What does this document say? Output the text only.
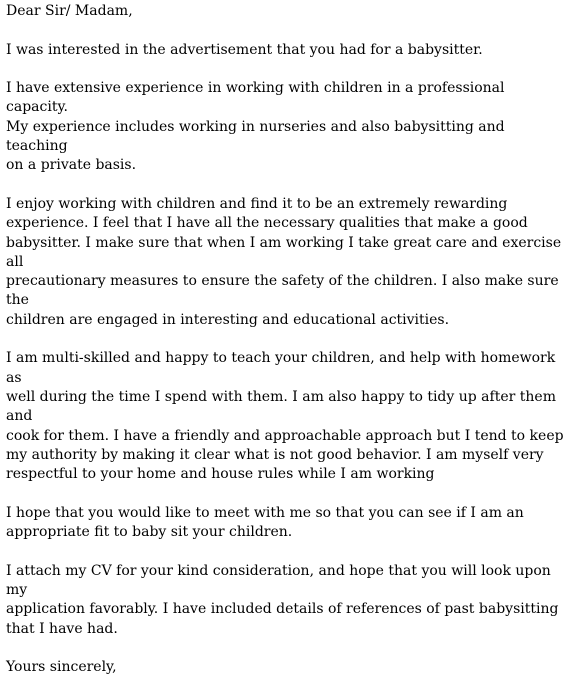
Dear Sir/ Madam,

I was interested in the advertisement that you had for a babysitter.

I have extensive experience in working with children in a professional capacity.
My experience includes working in nurseries and also babysitting and teaching
on a private basis.

I enjoy working with children and find it to be an extremely rewarding
experience. I feel that I have all the necessary qualities that make a good
babysitter. I make sure that when I am working I take great care and exercise all
precautionary measures to ensure the safety of the children. I also make sure the
children are engaged in interesting and educational activities.

I am multi-skilled and happy to teach your children, and help with homework as
well during the time I spend with them. I am also happy to tidy up after them and
cook for them. I have a friendly and approachable approach but I tend to keep
my authority by making it clear what is not good behavior. I am myself very
respectful to your home and house rules while I am working

I hope that you would like to meet with me so that you can see if I am an
appropriate fit to baby sit your children.

I attach my CV for your kind consideration, and hope that you will look upon my
application favorably. I have included details of references of past babysitting
that I have had.

Yours sincerely,
